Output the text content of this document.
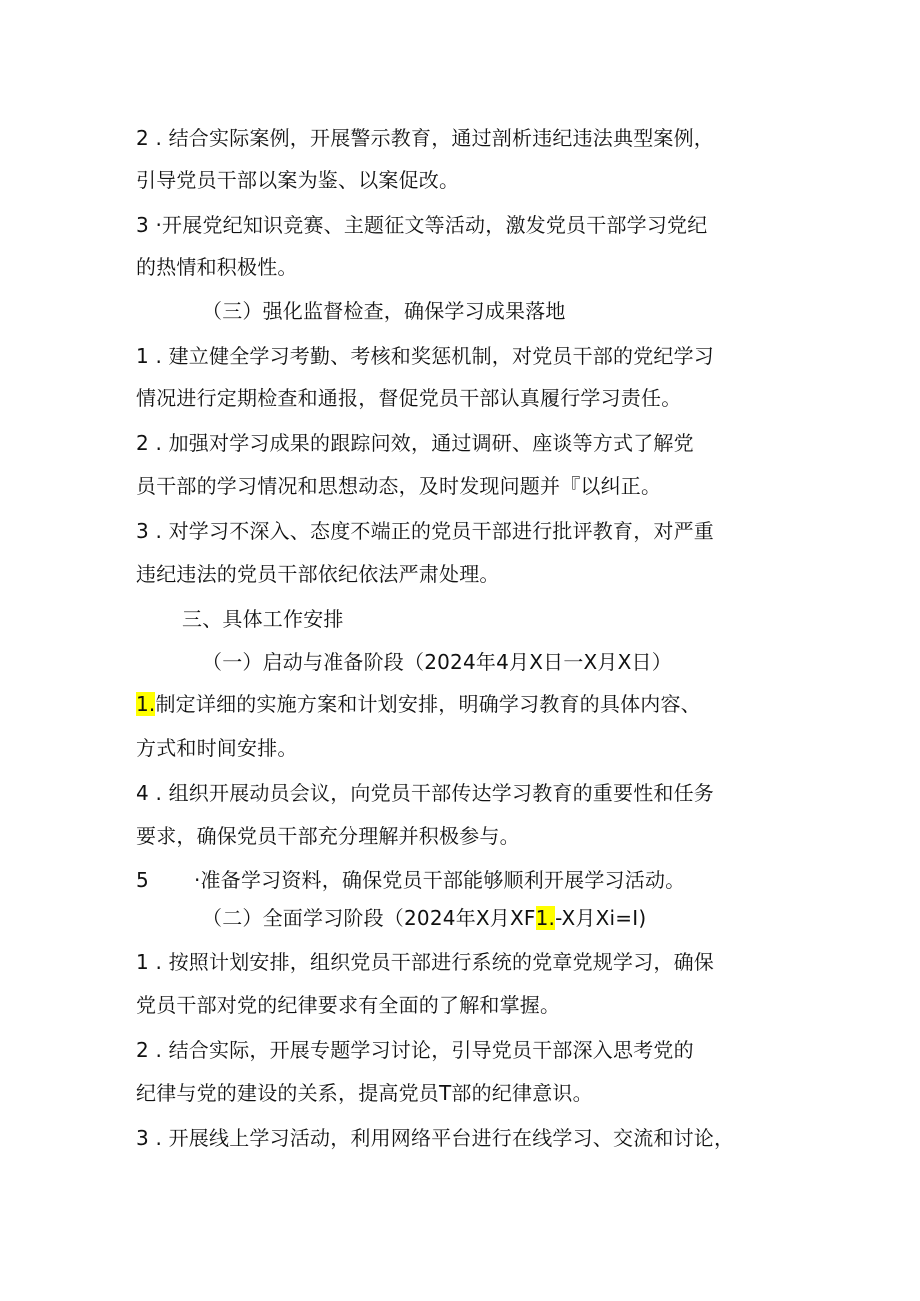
2 . 结合实际案例，开展警示教育，通过剖析违纪违法典型案例，
引导党员干部以案为鉴、以案促改。
3 ·开展党纪知识竞赛、主题征文等活动，激发党员干部学习党纪
的热情和积极性。
（三）强化监督检查，确保学习成果落地
1 . 建立健全学习考勤、考核和奖惩机制，对党员干部的党纪学习
情况进行定期检查和通报，督促党员干部认真履行学习责任。
2 . 加强对学习成果的跟踪问效，通过调研、座谈等方式了解党
员干部的学习情况和思想动态，及时发现问题并『以纠正。
3 . 对学习不深入、态度不端正的党员干部进行批评教育，对严重
违纪违法的党员干部依纪依法严肃处理。
三、具体工作安排
（一）启动与准备阶段（2024年4月X日一X月X日）
1.制定详细的实施方案和计划安排，明确学习教育的具体内容、
方式和时间安排。
4 . 组织开展动员会议，向党员干部传达学习教育的重要性和任务
要求，确保党员干部充分理解并积极参与。
5 ·准备学习资料，确保党员干部能够顺利开展学习活动。
（二）全面学习阶段（2024年X月XF1.-X月Xi=I)
1 . 按照计划安排，组织党员干部进行系统的党章党规学习，确保
党员干部对党的纪律要求有全面的了解和掌握。
2 . 结合实际，开展专题学习讨论，引导党员干部深入思考党的
纪律与党的建设的关系，提高党员T部的纪律意识。
3 . 开展线上学习活动，利用网络平台进行在线学习、交流和讨论，
